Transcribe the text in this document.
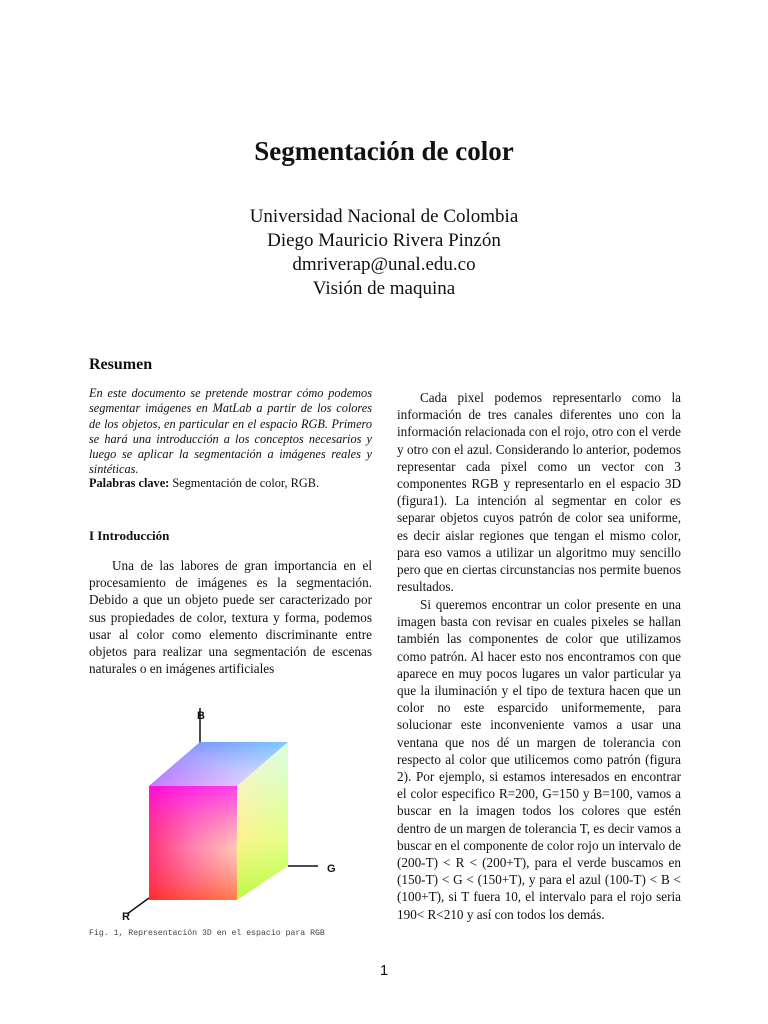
Segmentación de color
Universidad Nacional de Colombia
Diego Mauricio Rivera Pinzón
dmriverap@unal.edu.co
Visión de maquina
Resumen
En este documento se pretende mostrar cómo podemos segmentar imágenes en MatLab a partir de los colores de los objetos, en particular en el espacio RGB. Primero se hará una introducción a los conceptos necesarios y luego se aplicar la segmentación a imágenes reales y sintéticas.
Palabras clave: Segmentación de color, RGB.
I Introducción
Una de las labores de gran importancia en el procesamiento de imágenes es la segmentación. Debido a que un objeto puede ser caracterizado por sus propiedades de color, textura y forma, podemos usar al color como elemento discriminante entre objetos para realizar una segmentación de escenas naturales o en imágenes artificiales
Cada pixel podemos representarlo como la información de tres canales diferentes uno con la información relacionada con el rojo, otro con el verde y otro con el azul. Considerando lo anterior, podemos representar cada pixel como un vector con 3 componentes RGB y representarlo en el espacio 3D (figura1). La intención al segmentar en color es separar objetos cuyos patrón de color sea uniforme, es decir aislar regiones que tengan el mismo color, para eso vamos a utilizar un algoritmo muy sencillo pero que en ciertas circunstancias nos permite buenos resultados.
Si queremos encontrar un color presente en una imagen basta con revisar en cuales pixeles se hallan también las componentes de color que utilizamos como patrón. Al hacer esto nos encontramos con que aparece en muy pocos lugares un valor particular ya que la iluminación y el tipo de textura hacen que un color no este esparcido uniformemente, para solucionar este inconveniente vamos a usar una ventana que nos dé un margen de tolerancia con respecto al color que utilicemos como patrón (figura 2). Por ejemplo, si estamos interesados en encontrar el color especifico R=200, G=150 y B=100, vamos a buscar en la imagen todos los colores que estén dentro de un margen de tolerancia T, es decir vamos a buscar en el componente de color rojo un intervalo de (200-T) < R < (200+T), para el verde buscamos en (150-T) < G < (150+T), y para el azul (100-T) < B < (100+T), si T fuera 10, el intervalo para el rojo seria 190< R<210 y así con todos los demás.
B
G
R
Fig. 1, Representación 3D en el espacio para RGB
1
